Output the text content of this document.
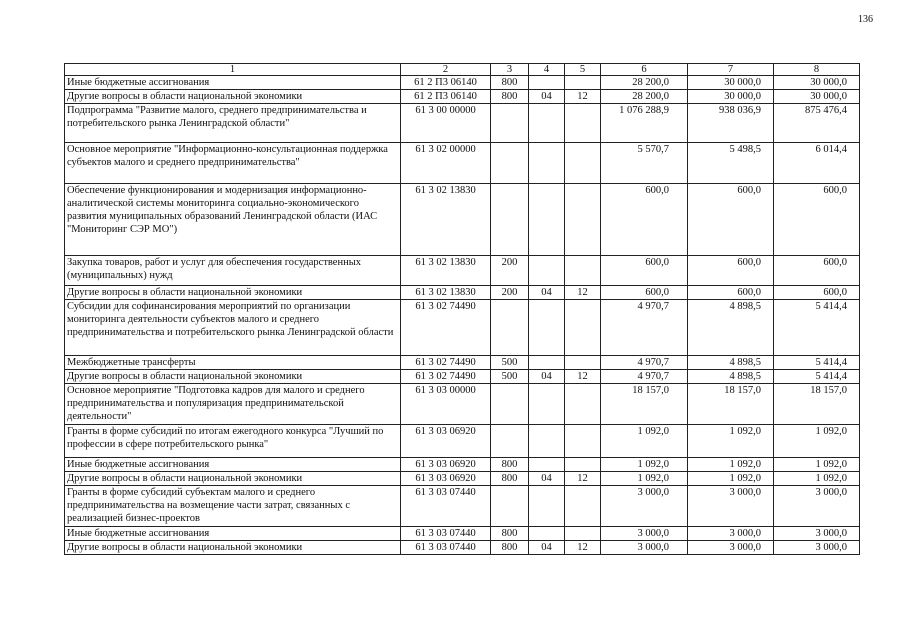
136
1	2	3	4	5	6	7	8
Иные бюджетные ассигнования	61 2 П3 06140	800			28 200,0	30 000,0	30 000,0
Другие вопросы в области национальной экономики	61 2 П3 06140	800	04	12	28 200,0	30 000,0	30 000,0
Подпрограмма "Развитие малого, среднего предпринимательства и потребительского рынка Ленинградской области"	61 3 00 00000				1 076 288,9	938 036,9	875 476,4
Основное мероприятие "Информационно-консультационная поддержка субъектов малого и среднего предпринимательства"	61 3 02 00000				5 570,7	5 498,5	6 014,4
Обеспечение функционирования и модернизация информационно-аналитической системы мониторинга социально-экономического развития муниципальных образований Ленинградской области (ИАС "Мониторинг СЭР МО")	61 3 02 13830				600,0	600,0	600,0
Закупка товаров, работ и услуг для обеспечения государственных (муниципальных) нужд	61 3 02 13830	200			600,0	600,0	600,0
Другие вопросы в области национальной экономики	61 3 02 13830	200	04	12	600,0	600,0	600,0
Субсидии для софинансирования мероприятий по организации мониторинга деятельности субъектов малого и среднего предпринимательства и потребительского рынка Ленинградской области	61 3 02 74490				4 970,7	4 898,5	5 414,4
Межбюджетные трансферты	61 3 02 74490	500			4 970,7	4 898,5	5 414,4
Другие вопросы в области национальной экономики	61 3 02 74490	500	04	12	4 970,7	4 898,5	5 414,4
Основное мероприятие "Подготовка кадров для малого и среднего предпринимательства и популяризация предпринимательской деятельности"	61 3 03 00000				18 157,0	18 157,0	18 157,0
Гранты в форме субсидий по итогам ежегодного конкурса "Лучший по профессии в сфере потребительского рынка"	61 3 03 06920				1 092,0	1 092,0	1 092,0
Иные бюджетные ассигнования	61 3 03 06920	800			1 092,0	1 092,0	1 092,0
Другие вопросы в области национальной экономики	61 3 03 06920	800	04	12	1 092,0	1 092,0	1 092,0
Гранты в форме субсидий субъектам малого и среднего предпринимательства на возмещение части затрат, связанных с реализацией бизнес-проектов	61 3 03 07440				3 000,0	3 000,0	3 000,0
Иные бюджетные ассигнования	61 3 03 07440	800			3 000,0	3 000,0	3 000,0
Другие вопросы в области национальной экономики	61 3 03 07440	800	04	12	3 000,0	3 000,0	3 000,0
